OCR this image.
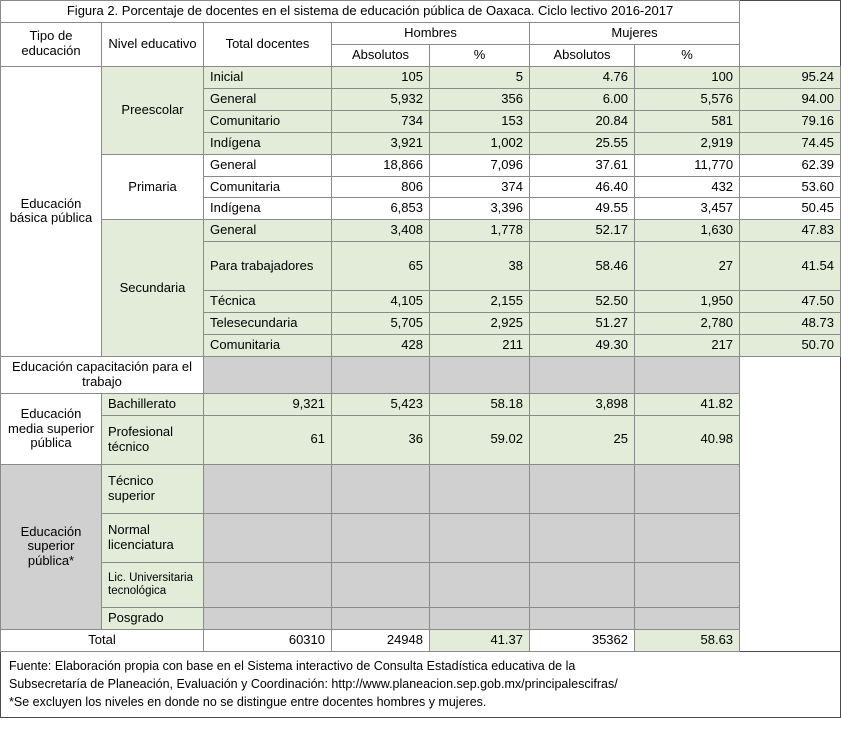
Figura 2. Porcentaje de docentes en el sistema de educación pública de Oaxaca. Ciclo lectivo 2016-2017							
Tipo de educación	Nivel educativo	Total docentes	Hombres		Mujeres		
			Absolutos	%	Absolutos	%	
Educación básica pública	Preescolar	Inicial	105	5	4.76	100	95.24
		General	5,932	356	6.00	5,576	94.00
		Comunitario	734	153	20.84	581	79.16
		Indígena	3,921	1,002	25.55	2,919	74.45
	Primaria	General	18,866	7,096	37.61	11,770	62.39
		Comunitaria	806	374	46.40	432	53.60
		Indígena	6,853	3,396	49.55	3,457	50.45
	Secundaria	General	3,408	1,778	52.17	1,630	47.83
		Para trabajadores	65	38	58.46	27	41.54
		Técnica	4,105	2,155	52.50	1,950	47.50
		Telesecundaria	5,705	2,925	51.27	2,780	48.73
		Comunitaria	428	211	49.30	217	50.70
Educación capacitación para el trabajo							
Educación media superior pública	Bachillerato	9,321	5,423	58.18	3,898	41.82	
	Profesional técnico	61	36	59.02	25	40.98	
Educación superior pública*	Técnico superior						
	Normal licenciatura						
	Lic. Universitaria tecnológica						
	Posgrado						
Total		60310	24948	41.37	35362	58.63	
Fuente: Elaboración propia con base en el Sistema interactivo de Consulta Estadística educativa de la
Subsecretaría de Planeación, Evaluación y Coordinación: http://www.planeacion.sep.gob.mx/principalescifras/
*Se excluyen los niveles en donde no se distingue entre docentes hombres y mujeres.
